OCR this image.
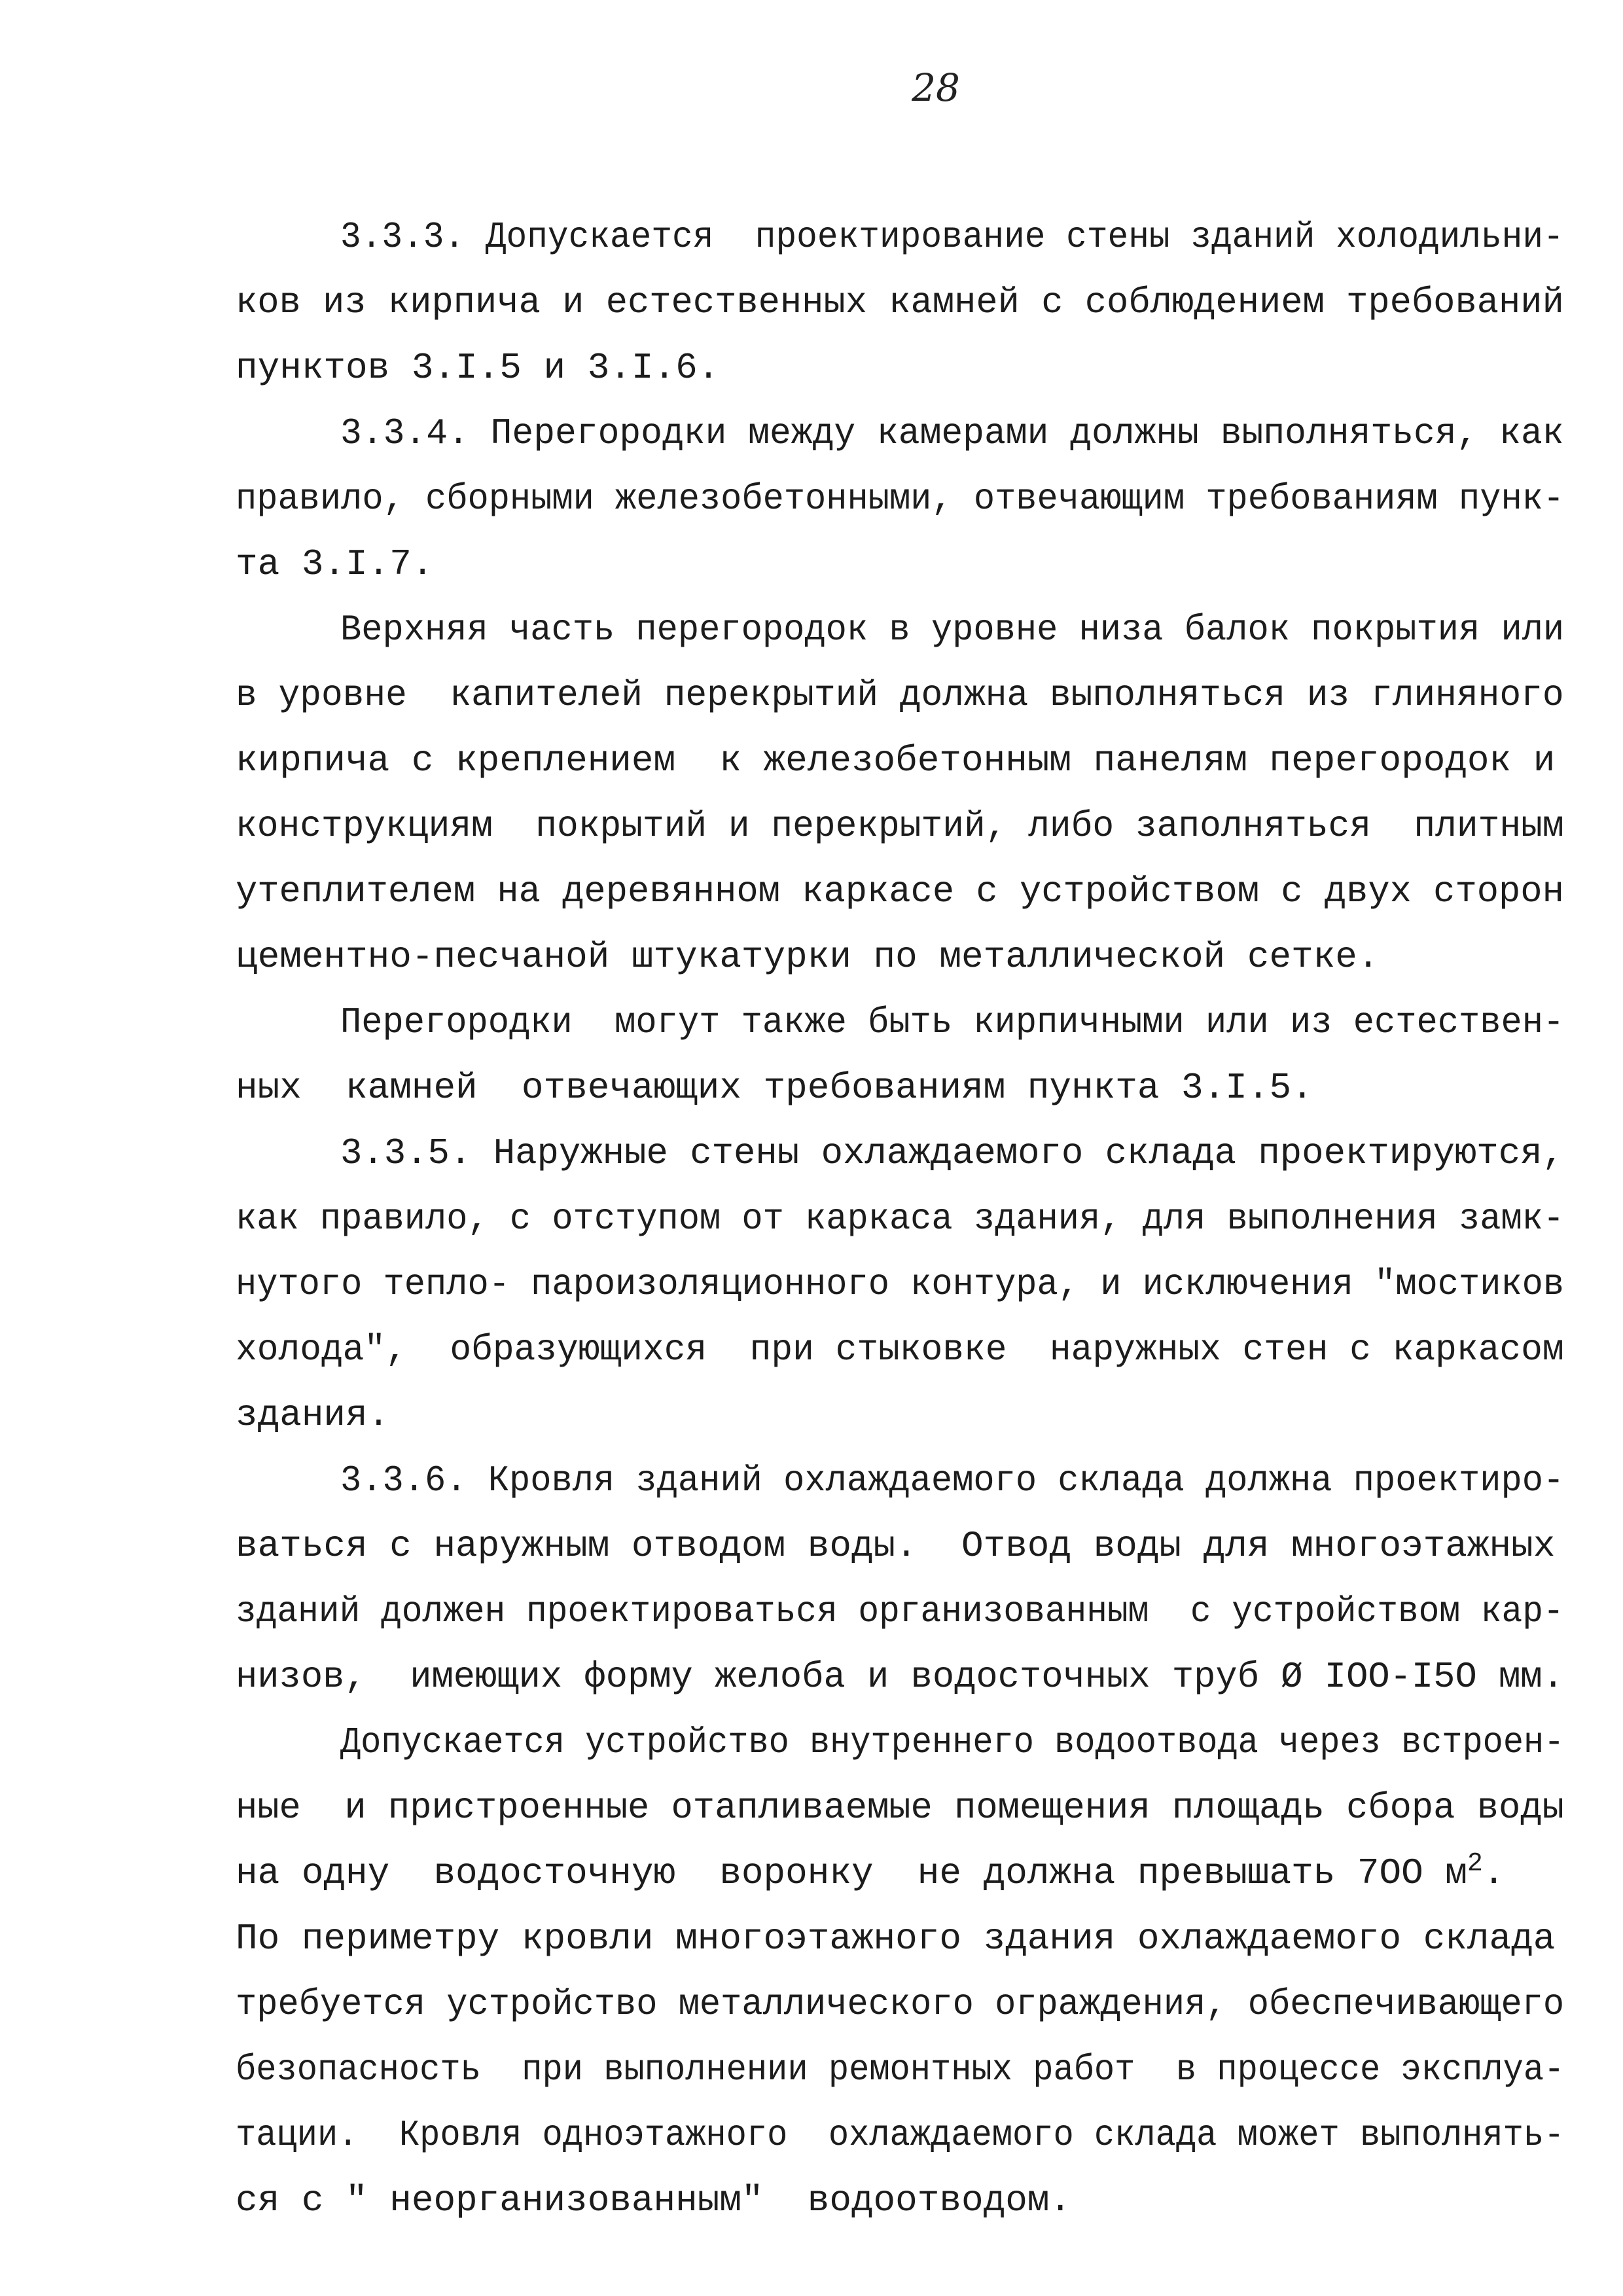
28
3.3.3. Допускается  проектирование стены зданий холодильни-
ков из кирпича и естественных камней с соблюдением требований
пунктов 3.I.5 и 3.I.6.
3.3.4. Перегородки между камерами должны выполняться, как
правило, сборными железобетонными, отвечающим требованиям пунк-
та 3.I.7.
Верхняя часть перегородок в уровне низа балок покрытия или
в уровне  капителей перекрытий должна выполняться из глиняного
кирпича с креплением  к железобетонным панелям перегородок и
конструкциям  покрытий и перекрытий, либо заполняться  плитным
утеплителем на деревянном каркасе с устройством с двух сторон
цементно-песчаной штукатурки по металлической сетке.
Перегородки  могут также быть кирпичными или из естествен-
ных  камней  отвечающих требованиям пункта 3.I.5.
3.3.5. Наружные стены охлаждаемого склада проектируются,
как правило, с отступом от каркаса здания, для выполнения замк-
нутого тепло- пароизоляционного контура, и исключения "мостиков
холода",  образующихся  при стыковке  наружных стен с каркасом
здания.
3.3.6. Кровля зданий охлаждаемого склада должна проектиро-
ваться с наружным отводом воды.  Отвод воды для многоэтажных
зданий должен проектироваться организованным  с устройством кар-
низов,  имеющих форму желоба и водосточных труб Ø IOO-I5O мм.
Допускается устройство внутреннего водоотвода через встроен-
ные  и пристроенные отапливаемые помещения площадь сбора воды
на одну  водосточную  воронку  не должна превышать 7OO $м^2$.
По периметру кровли многоэтажного здания охлаждаемого склада
требуется устройство металлического ограждения, обеспечивающего
безопасность  при выполнении ремонтных работ  в процессе эксплуа-
тации.  Кровля одноэтажного  охлаждаемого склада может выполнять-
ся с " неорганизованным"  водоотводом.
